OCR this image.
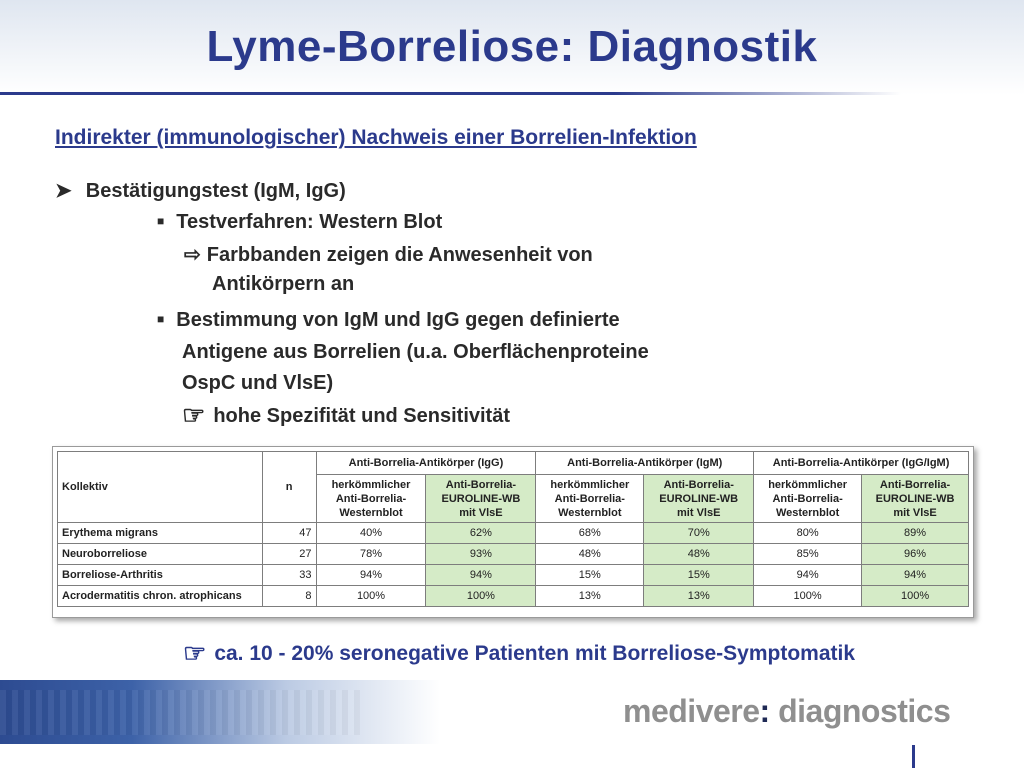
Lyme-Borreliose: Diagnostik
Indirekter (immunologischer) Nachweis einer Borrelien-Infektion
➤ Bestätigungstest (IgM, IgG)
■ Testverfahren: Western Blot
⇨ Farbbanden zeigen die Anwesenheit von
Antikörpern an
■ Bestimmung von IgM und IgG gegen definierte
Antigene aus Borrelien (u.a. Oberflächenproteine
OspC und VlsE)
☞ hohe Spezifität und Sensitivität
Kollektiv	n	Anti-Borrelia-Antikörper (IgG)		Anti-Borrelia-Antikörper (IgM)		Anti-Borrelia-Antikörper (IgG/IgM)	
		herkömmlicher
Anti-Borrelia-
Westernblot	Anti-Borrelia-
EUROLINE-WB
mit VlsE	herkömmlicher
Anti-Borrelia-
Westernblot	Anti-Borrelia-
EUROLINE-WB
mit VlsE	herkömmlicher
Anti-Borrelia-
Westernblot	Anti-Borrelia-
EUROLINE-WB
mit VlsE
Erythema migrans	47	40%	62%	68%	70%	80%	89%
Neuroborreliose	27	78%	93%	48%	48%	85%	96%
Borreliose-Arthritis	33	94%	94%	15%	15%	94%	94%
Acrodermatitis chron. atrophicans	8	100%	100%	13%	13%	100%	100%
☞ ca. 10 - 20% seronegative Patienten mit Borreliose-Symptomatik
medivere: diagnostics
